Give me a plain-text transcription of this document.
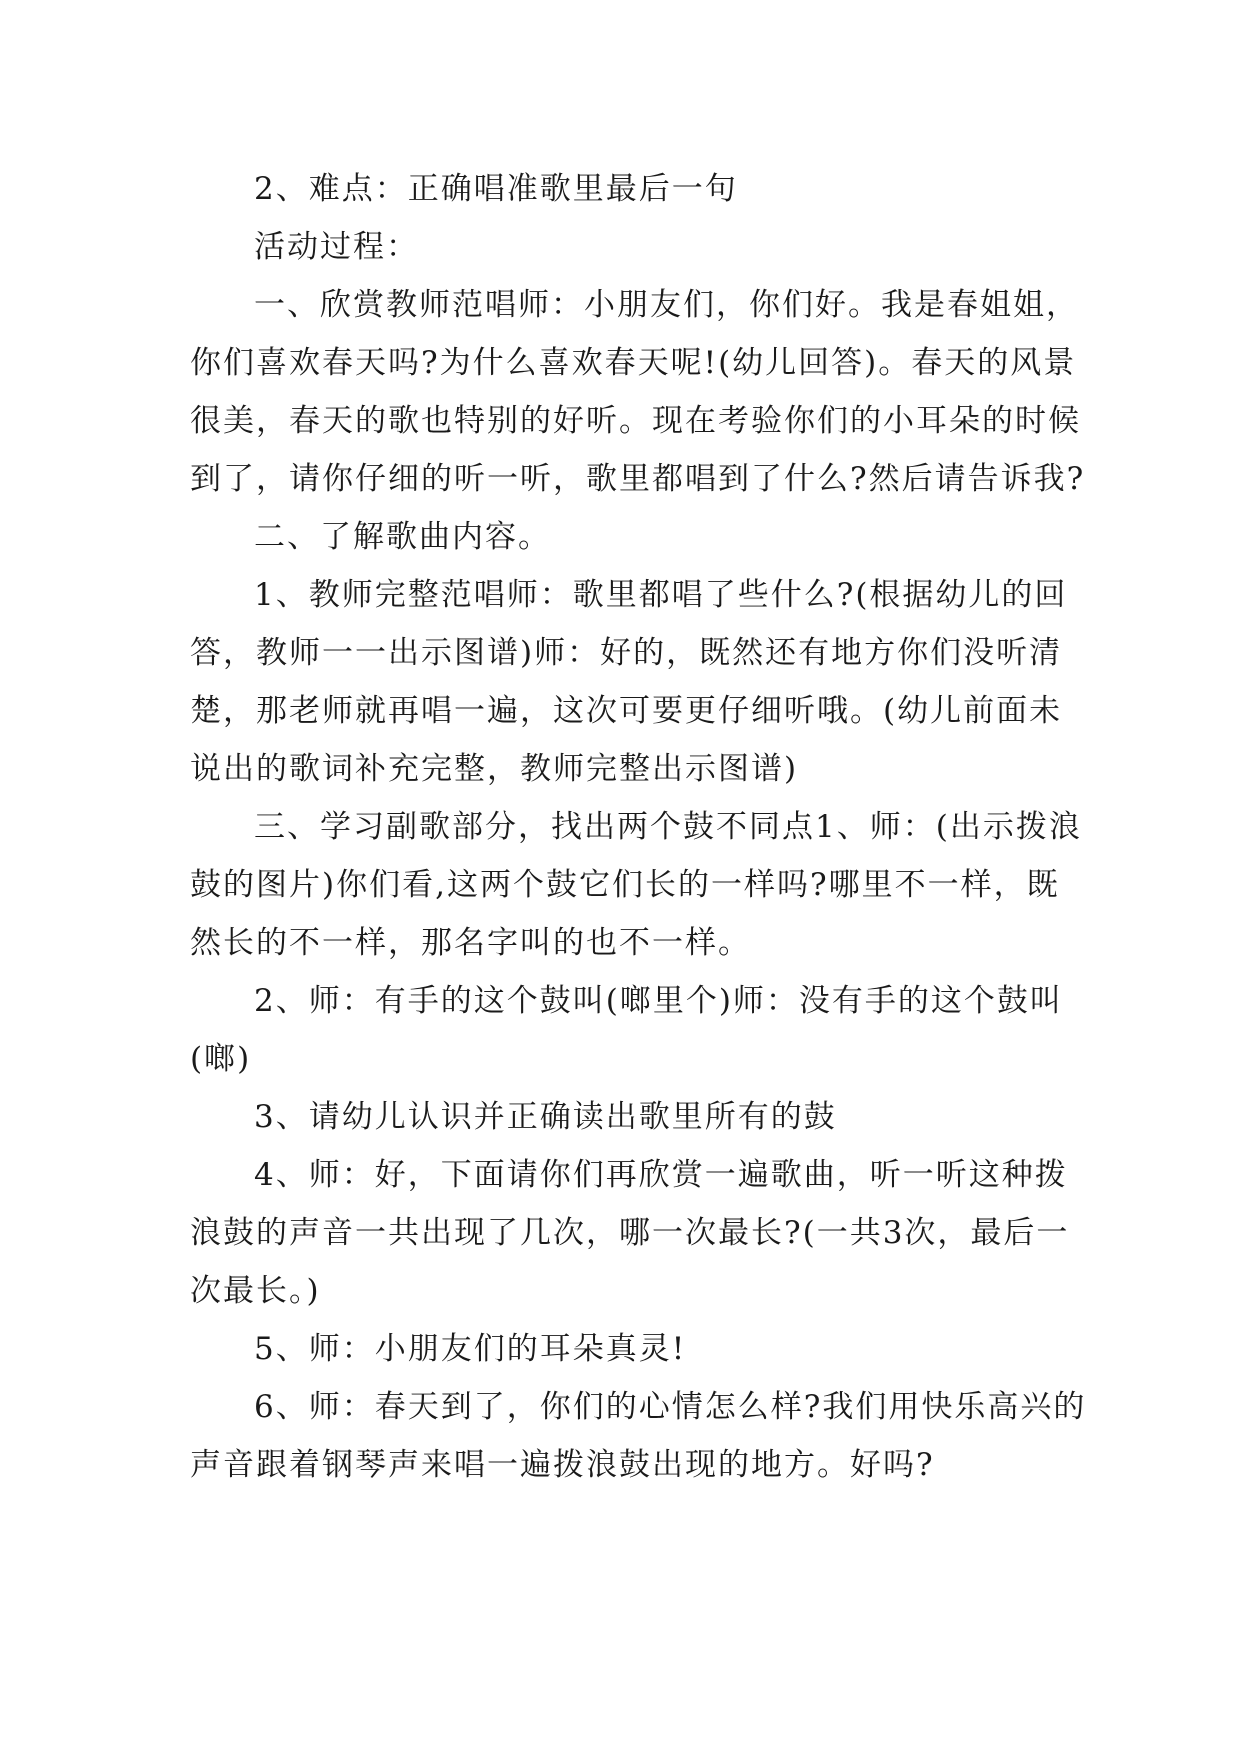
2、难点：正确唱准歌里最后一句

活动过程：

一、欣赏教师范唱师：小朋友们，你们好。我是春姐姐，你们喜欢春天吗?为什么喜欢春天呢!(幼儿回答)。春天的风景很美，春天的歌也特别的好听。现在考验你们的小耳朵的时候到了，请你仔细的听一听，歌里都唱到了什么?然后请告诉我?

二、了解歌曲内容。

1、教师完整范唱师：歌里都唱了些什么?(根据幼儿的回答，教师一一出示图谱)师：好的，既然还有地方你们没听清楚，那老师就再唱一遍，这次可要更仔细听哦。(幼儿前面未说出的歌词补充完整，教师完整出示图谱)

三、学习副歌部分，找出两个鼓不同点1、师：(出示拨浪鼓的图片)你们看,这两个鼓它们长的一样吗?哪里不一样，既然长的不一样，那名字叫的也不一样。

2、师：有手的这个鼓叫(啷里个)师：没有手的这个鼓叫(啷)

3、请幼儿认识并正确读出歌里所有的鼓

4、师：好，下面请你们再欣赏一遍歌曲，听一听这种拨浪鼓的声音一共出现了几次，哪一次最长?(一共3次，最后一次最长。)

5、师：小朋友们的耳朵真灵!

6、师：春天到了，你们的心情怎么样?我们用快乐高兴的声音跟着钢琴声来唱一遍拨浪鼓出现的地方。好吗?
